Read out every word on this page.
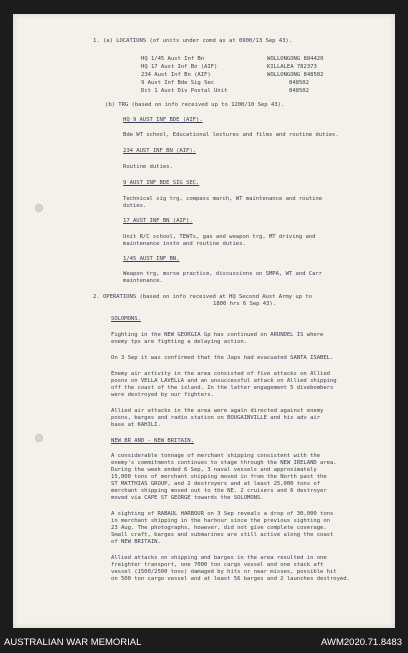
1. (a) LOCATIONS (of units under comd as at 0900/13 Sep 43).
HQ 1/45 Aust Inf Bn	WOLLONGONG 884420
HQ 17 Aust Inf Bn (AIF)	KILLALEA 782373
234 Aust Inf Bn (AIF)	WOLLONGONG 848502
9 Aust Inf Bde Sig Sec	848502
Dct 1 Aust Div Postal Unit	848502
(b) TRG (based on info received up to 1200/10 Sep 43).
HQ 9 AUST INF BDE (AIF).
Bde WT school, Educational lectures and films and routine duties.
234 AUST INF BN (AIF).
Routine duties.
9 AUST INF BDE SIG SEC.
Technical sig trg, compass march, WT maintenance and routine
duties.
17 AUST INF BN (AIF).
Unit R/C school, TEWTs, gas and weapon trg, MT driving and
maintenance instn and routine duties.
1/45 AUST INF BN.
Weapon trg, morse practice, discussions on SMPA, WT and Carr
maintenance.
2. OPERATIONS (based on info received at HQ Second Aust Army up to
1800 hrs 6 Sep 43).
SOLOMONS.
Fighting in the NEW GEORGIA Gp has continued on ARUNDEL IS where
enemy tps are fighting a delaying action.
On 3 Sep it was confirmed that the Japs had evacuated SANTA ISABEL.
Enemy air activity in the area consisted of five attacks on Allied
posns on VELLA LAVELLA and an unsuccessful attack on Allied shipping
off the coast of the island. In the latter engagement 5 divebombers
were destroyed by our fighters.
Allied air attacks in the area were again directed against enemy
posns, barges and radio station on BOUGAINVILLE and his adv air
base at KAHILI.
NEW BR AND - NEW BRITAIN.
A considerable tonnage of merchant shipping consistent with the
enemy's commitments continues to stage through the NEW IRELAND area.
During the week ended 6 Sep, 3 naval vessels and approximately
15,000 tons of merchant shipping moved in from the North past the
ST MATTHIAS GROUP, and 2 destroyers and at least 25,000 tons of
merchant shipping moved out to the NE. 2 cruisers and 6 destroyer
moved via CAPE ST GEORGE towards the SOLOMONS.
A sighting of RABAUL HARBOUR on 3 Sep reveals a drop of 30,000 tons
in merchant shipping in the harbour since the previous sighting on
23 Aug. The photographs, however, did not give complete coverage.
Small craft, barges and submarines are still active along the coast
of NEW BRITAIN.
Allied attacks on shipping and barges in the area resulted in one
freighter transport, one 7000 ton cargo vessel and one stack aft
vessel (1500/2500 tons) damaged by hits or near misses, possible hit
on 500 ton cargo vessel and at least 56 barges and 2 launches destroyed.
AUSTRALIAN WAR MEMORIAL	AWM2020.71.8483
